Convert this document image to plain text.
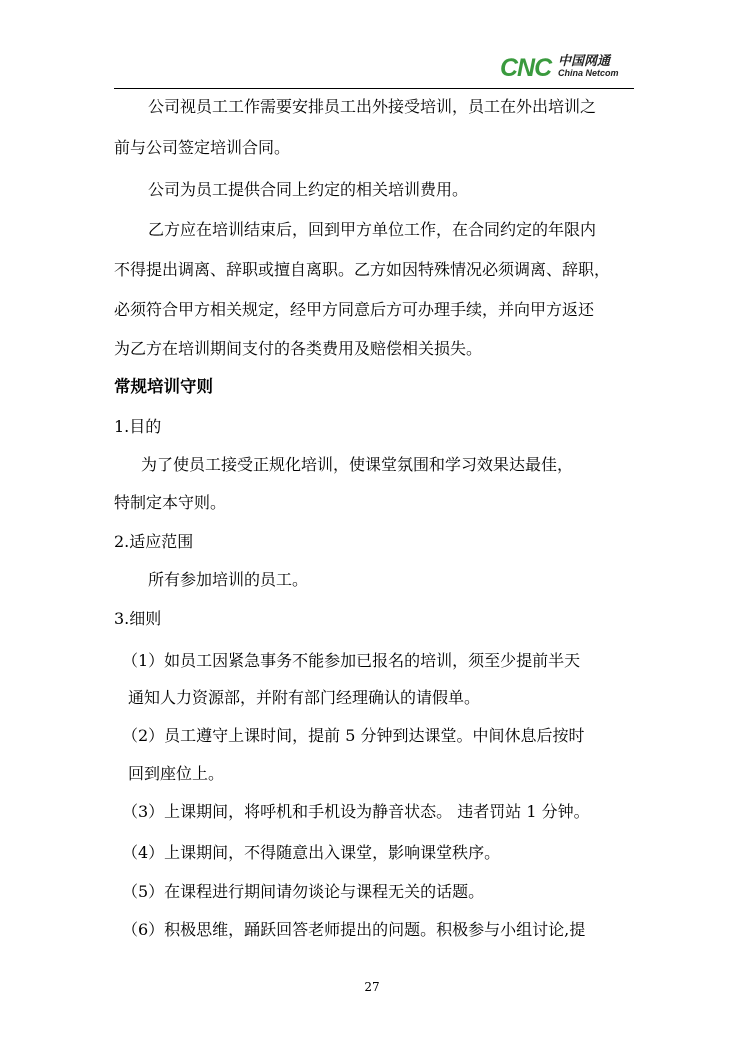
CNC 中国网通
China Netcom
公司视员工工作需要安排员工出外接受培训，员工在外出培训之
前与公司签定培训合同。
公司为员工提供合同上约定的相关培训费用。
乙方应在培训结束后，回到甲方单位工作，在合同约定的年限内
不得提出调离、辞职或擅自离职。乙方如因特殊情况必须调离、辞职，
必须符合甲方相关规定，经甲方同意后方可办理手续，并向甲方返还
为乙方在培训期间支付的各类费用及赔偿相关损失。
常规培训守则
1.目的
为了使员工接受正规化培训，使课堂氛围和学习效果达最佳，
特制定本守则。
2.适应范围
所有参加培训的员工。
3.细则
（1）如员工因紧急事务不能参加已报名的培训，须至少提前半天
通知人力资源部，并附有部门经理确认的请假单。
（2）员工遵守上课时间，提前 5 分钟到达课堂。中间休息后按时
回到座位上。
（3）上课期间，将呼机和手机设为静音状态。 违者罚站 1 分钟。
（4）上课期间，不得随意出入课堂，影响课堂秩序。
（5）在课程进行期间请勿谈论与课程无关的话题。
（6）积极思维，踊跃回答老师提出的问题。积极参与小组讨论,提
27
